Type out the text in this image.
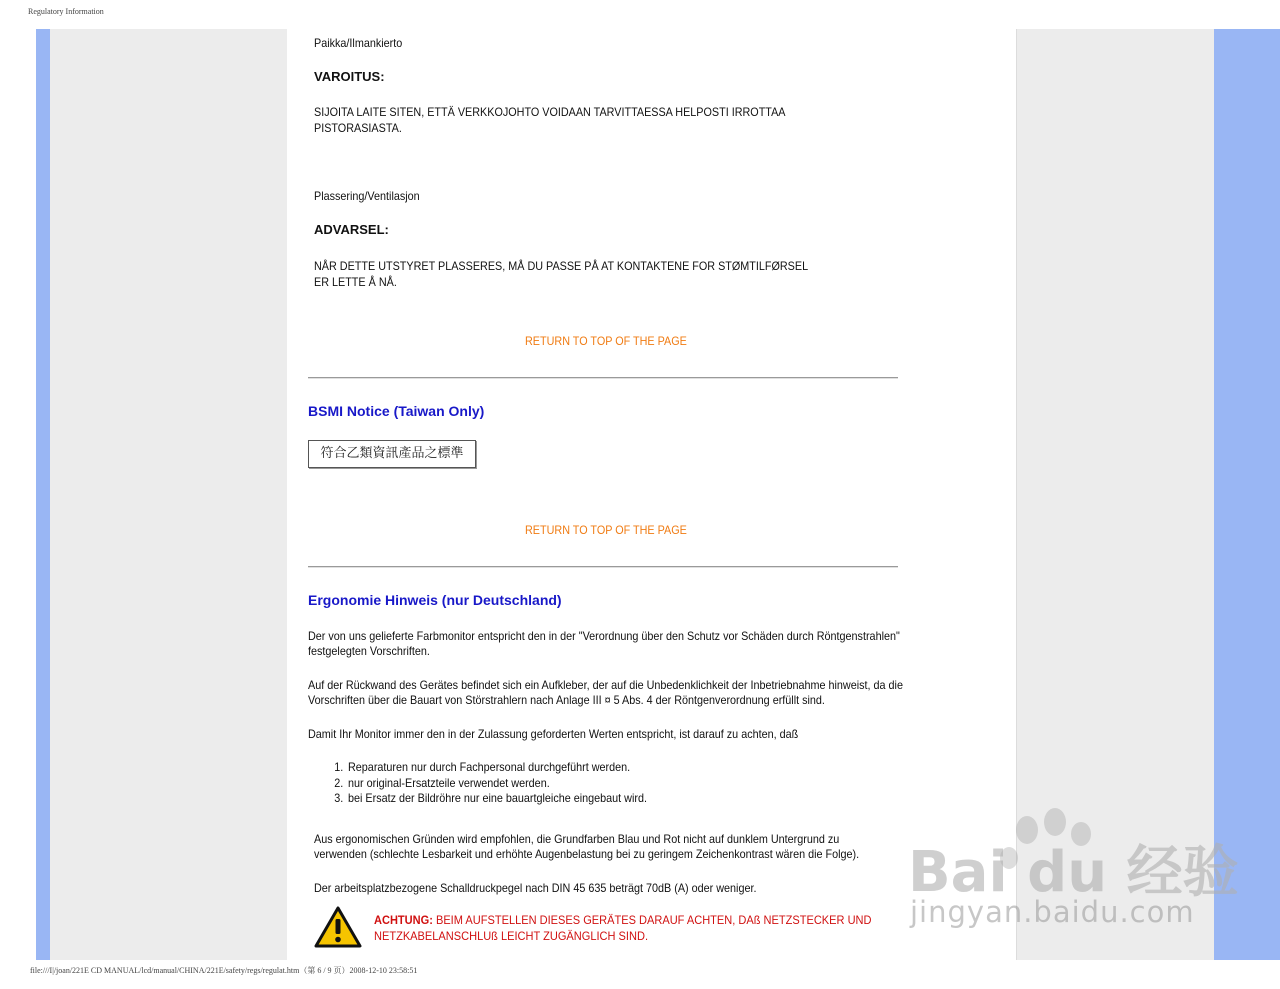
Regulatory Information
Paikka/Ilmankierto
VAROITUS:
SIJOITA LAITE SITEN, ETTÄ VERKKOJOHTO VOIDAAN TARVITTAESSA HELPOSTI IRROTTAA
PISTORASIASTA.
Plassering/Ventilasjon
ADVARSEL:
NÅR DETTE UTSTYRET PLASSERES, MÅ DU PASSE PÅ AT KONTAKTENE FOR STØMTILFØRSEL
ER LETTE Å NÅ.
RETURN TO TOP OF THE PAGE
BSMI Notice (Taiwan Only)
符合乙類資訊產品之標準
RETURN TO TOP OF THE PAGE
Ergonomie Hinweis (nur Deutschland)
Der von uns gelieferte Farbmonitor entspricht den in der "Verordnung über den Schutz vor Schäden durch Röntgenstrahlen"
festgelegten Vorschriften.
Auf der Rückwand des Gerätes befindet sich ein Aufkleber, der auf die Unbedenklichkeit der Inbetriebnahme hinweist, da die
Vorschriften über die Bauart von Störstrahlern nach Anlage III ¤ 5 Abs. 4 der Röntgenverordnung erfüllt sind.
Damit Ihr Monitor immer den in der Zulassung geforderten Werten entspricht, ist darauf zu achten, daß
1. Reparaturen nur durch Fachpersonal durchgeführt werden.
2. nur original-Ersatzteile verwendet werden.
3. bei Ersatz der Bildröhre nur eine bauartgleiche eingebaut wird.
Aus ergonomischen Gründen wird empfohlen, die Grundfarben Blau und Rot nicht auf dunklem Untergrund zu
verwenden (schlechte Lesbarkeit und erhöhte Augenbelastung bei zu geringem Zeichenkontrast wären die Folge).
Der arbeitsplatzbezogene Schalldruckpegel nach DIN 45 635 beträgt 70dB (A) oder weniger.
ACHTUNG: BEIM AUFSTELLEN DIESES GERÄTES DARAUF ACHTEN, DAß NETZSTECKER UND
NETZKABELANSCHLUß LEICHT ZUGÄNGLICH SIND.
Bai du 经验
jingyan.baidu.com
file:///I|/joan/221E CD MANUAL/lcd/manual/CHINA/221E/safety/regs/regulat.htm（第 6 / 9 页）2008-12-10 23:58:51
